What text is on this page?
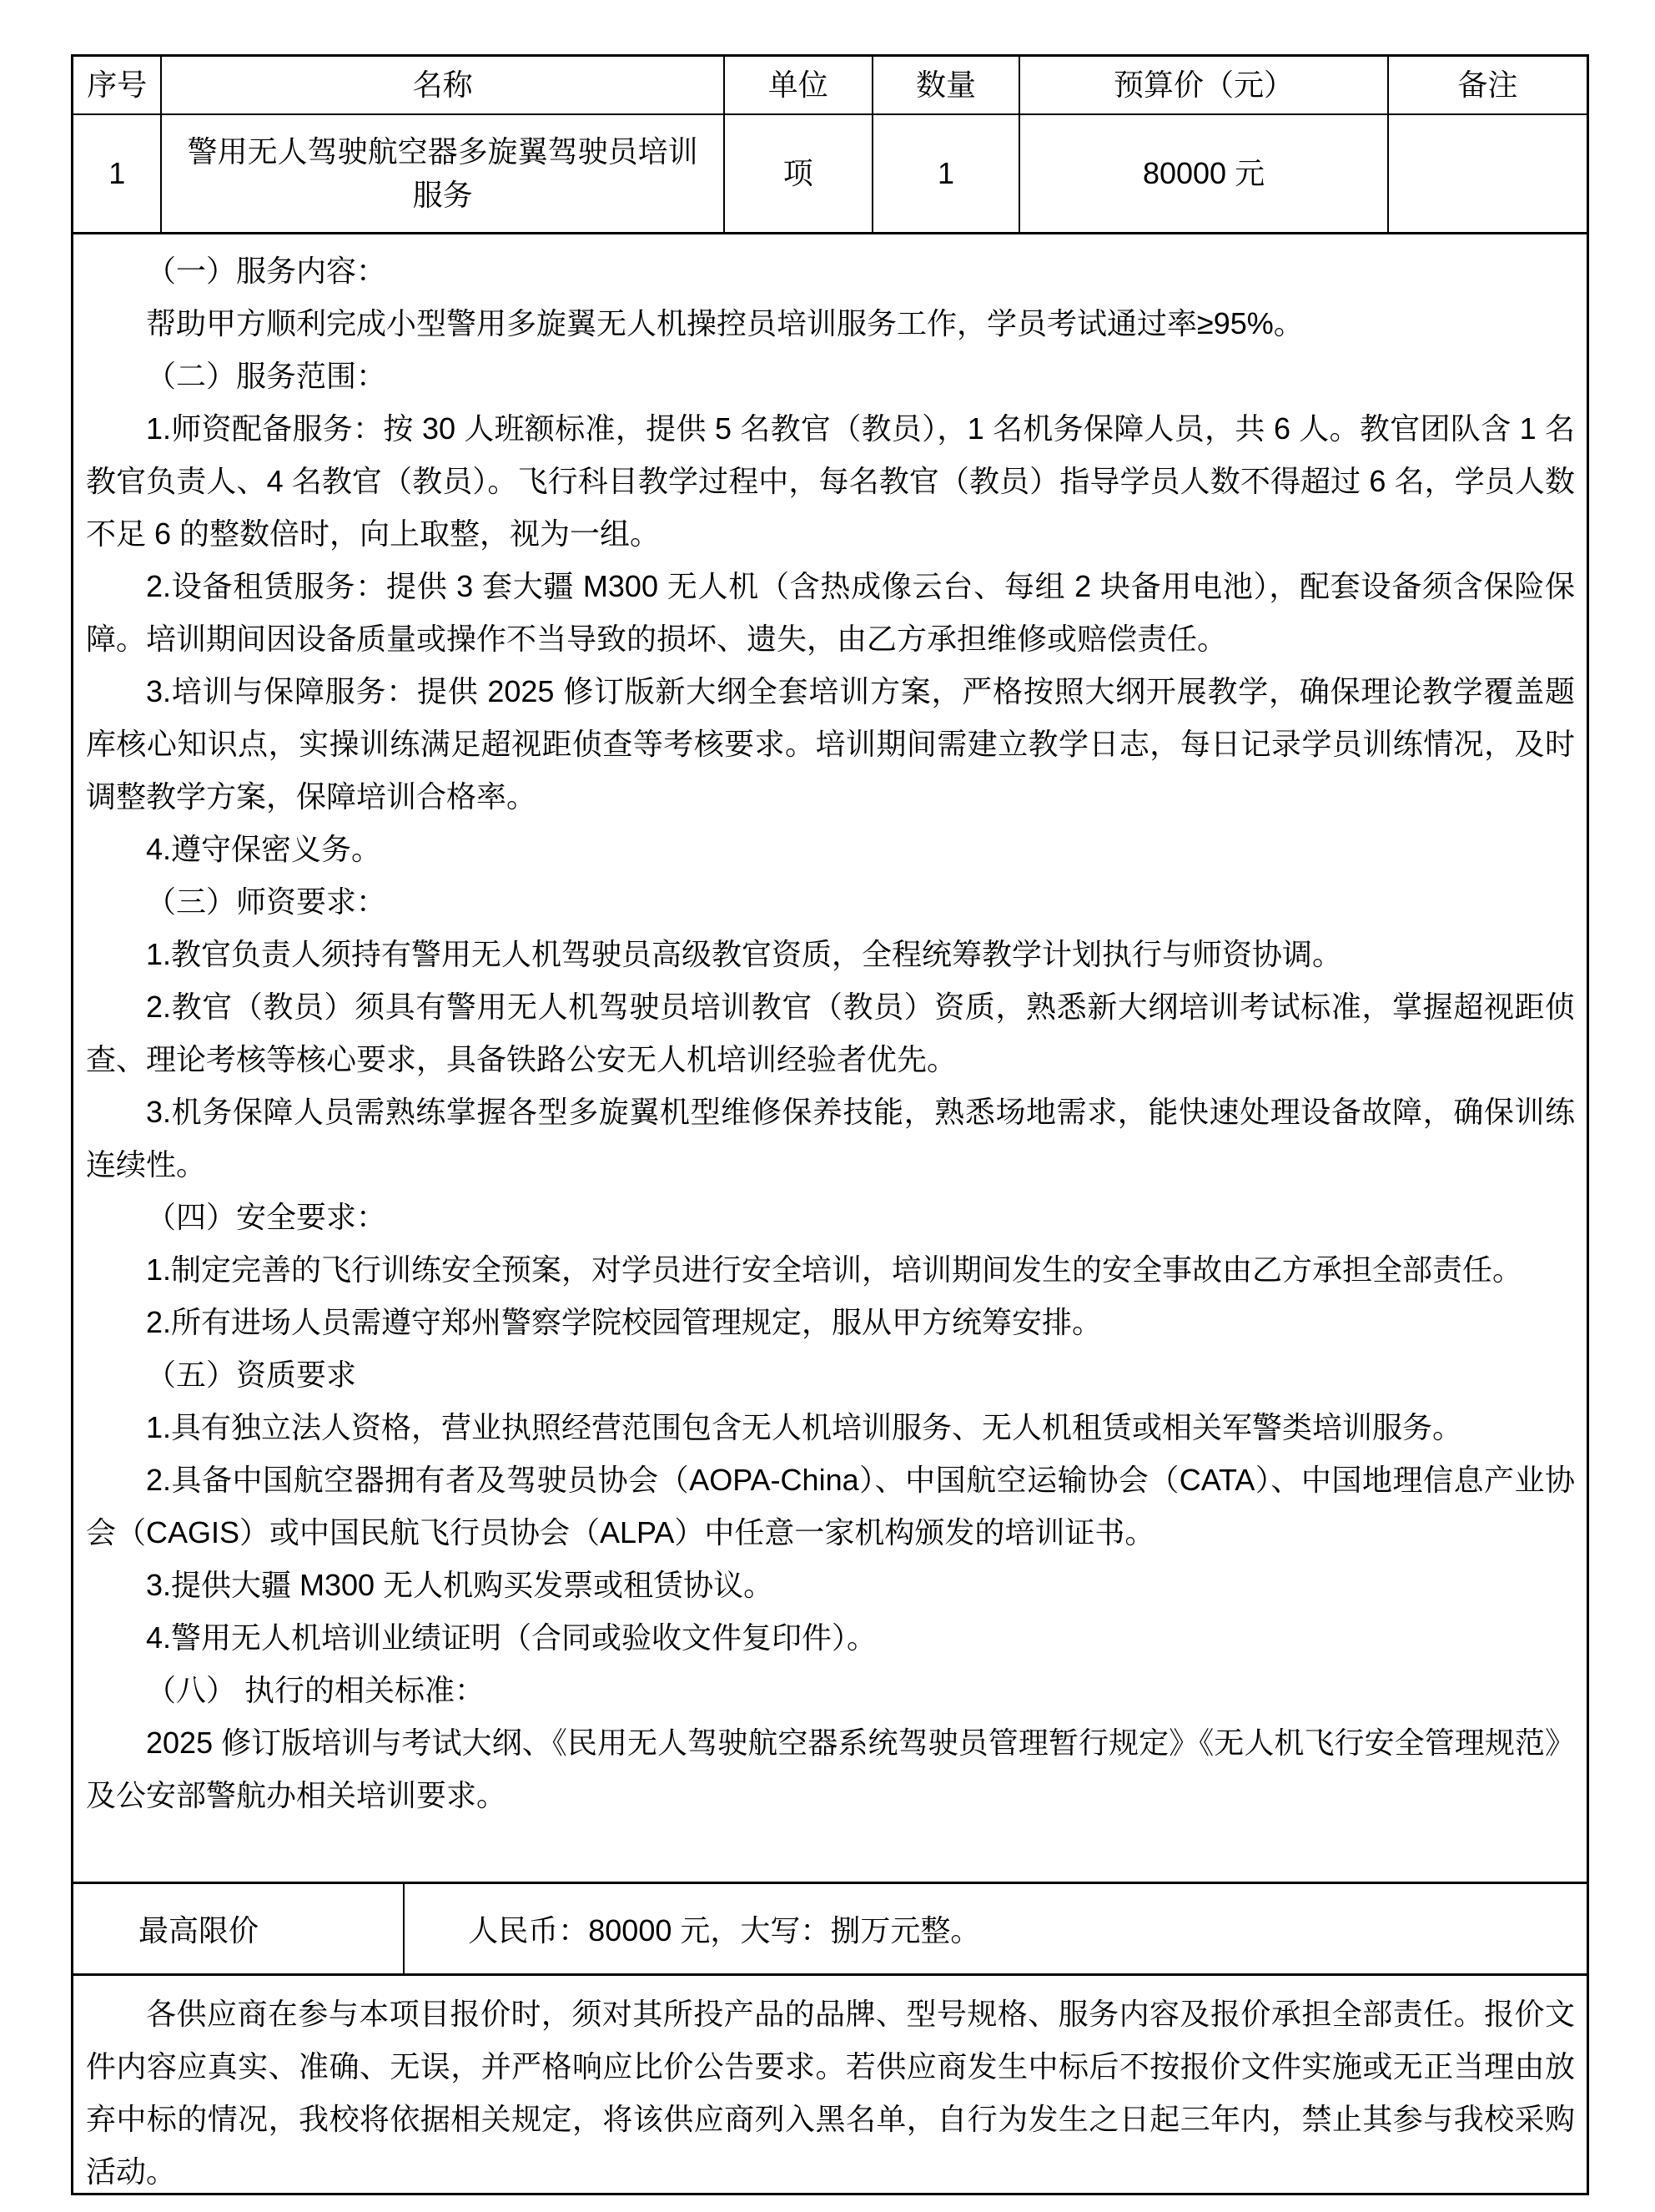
序号	名称	单位	数量	预算价（元）	备注
1	警用无人驾驶航空器多旋翼驾驶员培训服务	项	1	80000 元	

（一）服务内容：

帮助甲方顺利完成小型警用多旋翼无人机操控员培训服务工作，学员考试通过率≥95%。

（二）服务范围：

1.师资配备服务：按 30 人班额标准，提供 5 名教官（教员），1 名机务保障人员，共 6 人。教官团队含 1 名教官负责人、4 名教官（教员）。飞行科目教学过程中，每名教官（教员）指导学员人数不得超过 6 名，学员人数不足 6 的整数倍时，向上取整，视为一组。

2.设备租赁服务：提供 3 套大疆 M300 无人机（含热成像云台、每组 2 块备用电池），配套设备须含保险保障。培训期间因设备质量或操作不当导致的损坏、遗失，由乙方承担维修或赔偿责任。

3.培训与保障服务：提供 2025 修订版新大纲全套培训方案，严格按照大纲开展教学，确保理论教学覆盖题库核心知识点，实操训练满足超视距侦查等考核要求。培训期间需建立教学日志，每日记录学员训练情况，及时调整教学方案，保障培训合格率。

4.遵守保密义务。

（三）师资要求：

1.教官负责人须持有警用无人机驾驶员高级教官资质，全程统筹教学计划执行与师资协调。

2.教官（教员）须具有警用无人机驾驶员培训教官（教员）资质，熟悉新大纲培训考试标准，掌握超视距侦查、理论考核等核心要求，具备铁路公安无人机培训经验者优先。

3.机务保障人员需熟练掌握各型多旋翼机型维修保养技能，熟悉场地需求，能快速处理设备故障，确保训练连续性。

（四）安全要求：

1.制定完善的飞行训练安全预案，对学员进行安全培训，培训期间发生的安全事故由乙方承担全部责任。

2.所有进场人员需遵守郑州警察学院校园管理规定，服从甲方统筹安排。

（五）资质要求

1.具有独立法人资格，营业执照经营范围包含无人机培训服务、无人机租赁或相关军警类培训服务。

2.具备中国航空器拥有者及驾驶员协会（AOPA-China）、中国航空运输协会（CATA）、中国地理信息产业协会（CAGIS）或中国民航飞行员协会（ALPA）中任意一家机构颁发的培训证书。

3.提供大疆 M300 无人机购买发票或租赁协议。

4.警用无人机培训业绩证明（合同或验收文件复印件）。

（八） 执行的相关标准：

2025 修订版培训与考试大纲、《民用无人驾驶航空器系统驾驶员管理暂行规定》《无人机飞行安全管理规范》及公安部警航办相关培训要求。

最高限价	人民币：80000 元，大写：捌万元整。

各供应商在参与本项目报价时，须对其所投产品的品牌、型号规格、服务内容及报价承担全部责任。报价文件内容应真实、准确、无误，并严格响应比价公告要求。若供应商发生中标后不按报价文件实施或无正当理由放弃中标的情况，我校将依据相关规定，将该供应商列入黑名单，自行为发生之日起三年内，禁止其参与我校采购活动。
